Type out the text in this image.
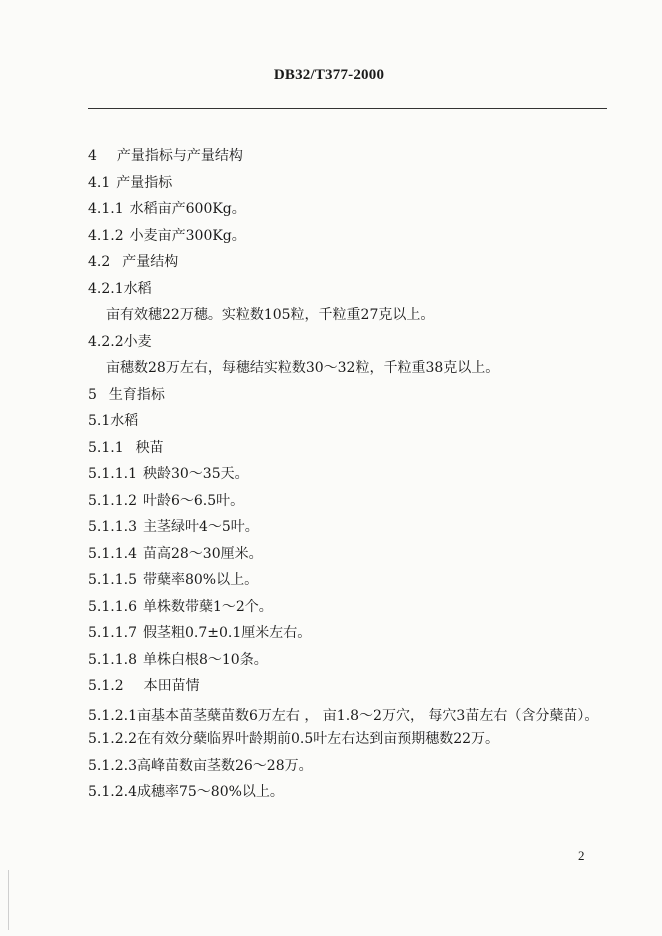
DB32/T377-2000
4 产量指标与产量结构
4.1 产量指标
4.1.1 水稻亩产600Kg。
4.1.2 小麦亩产300Kg。
4.2 产量结构
4.2.1水稻
亩有效穗22万穗。实粒数105粒，千粒重27克以上。
4.2.2小麦
亩穗数28万左右，每穗结实粒数30～32粒，千粒重38克以上。
5 生育指标
5.1水稻
5.1.1 秧苗
5.1.1.1 秧龄30～35天。
5.1.1.2 叶龄6～6.5叶。
5.1.1.3 主茎绿叶4～5叶。
5.1.1.4 苗高28～30厘米。
5.1.1.5 带蘖率80%以上。
5.1.1.6 单株数带蘖1～2个。
5.1.1.7 假茎粗0.7±0.1厘米左右。
5.1.1.8 单株白根8～10条。
5.1.2 本田苗情
5.1.2.1亩基本苗茎蘖苗数6万左右 ， 亩1.8～2万穴， 每穴3苗左右（含分蘖苗）。
5.1.2.2在有效分蘖临界叶龄期前0.5叶左右达到亩预期穗数22万。
5.1.2.3高峰苗数亩茎数26～28万。
5.1.2.4成穗率75～80%以上。
2
